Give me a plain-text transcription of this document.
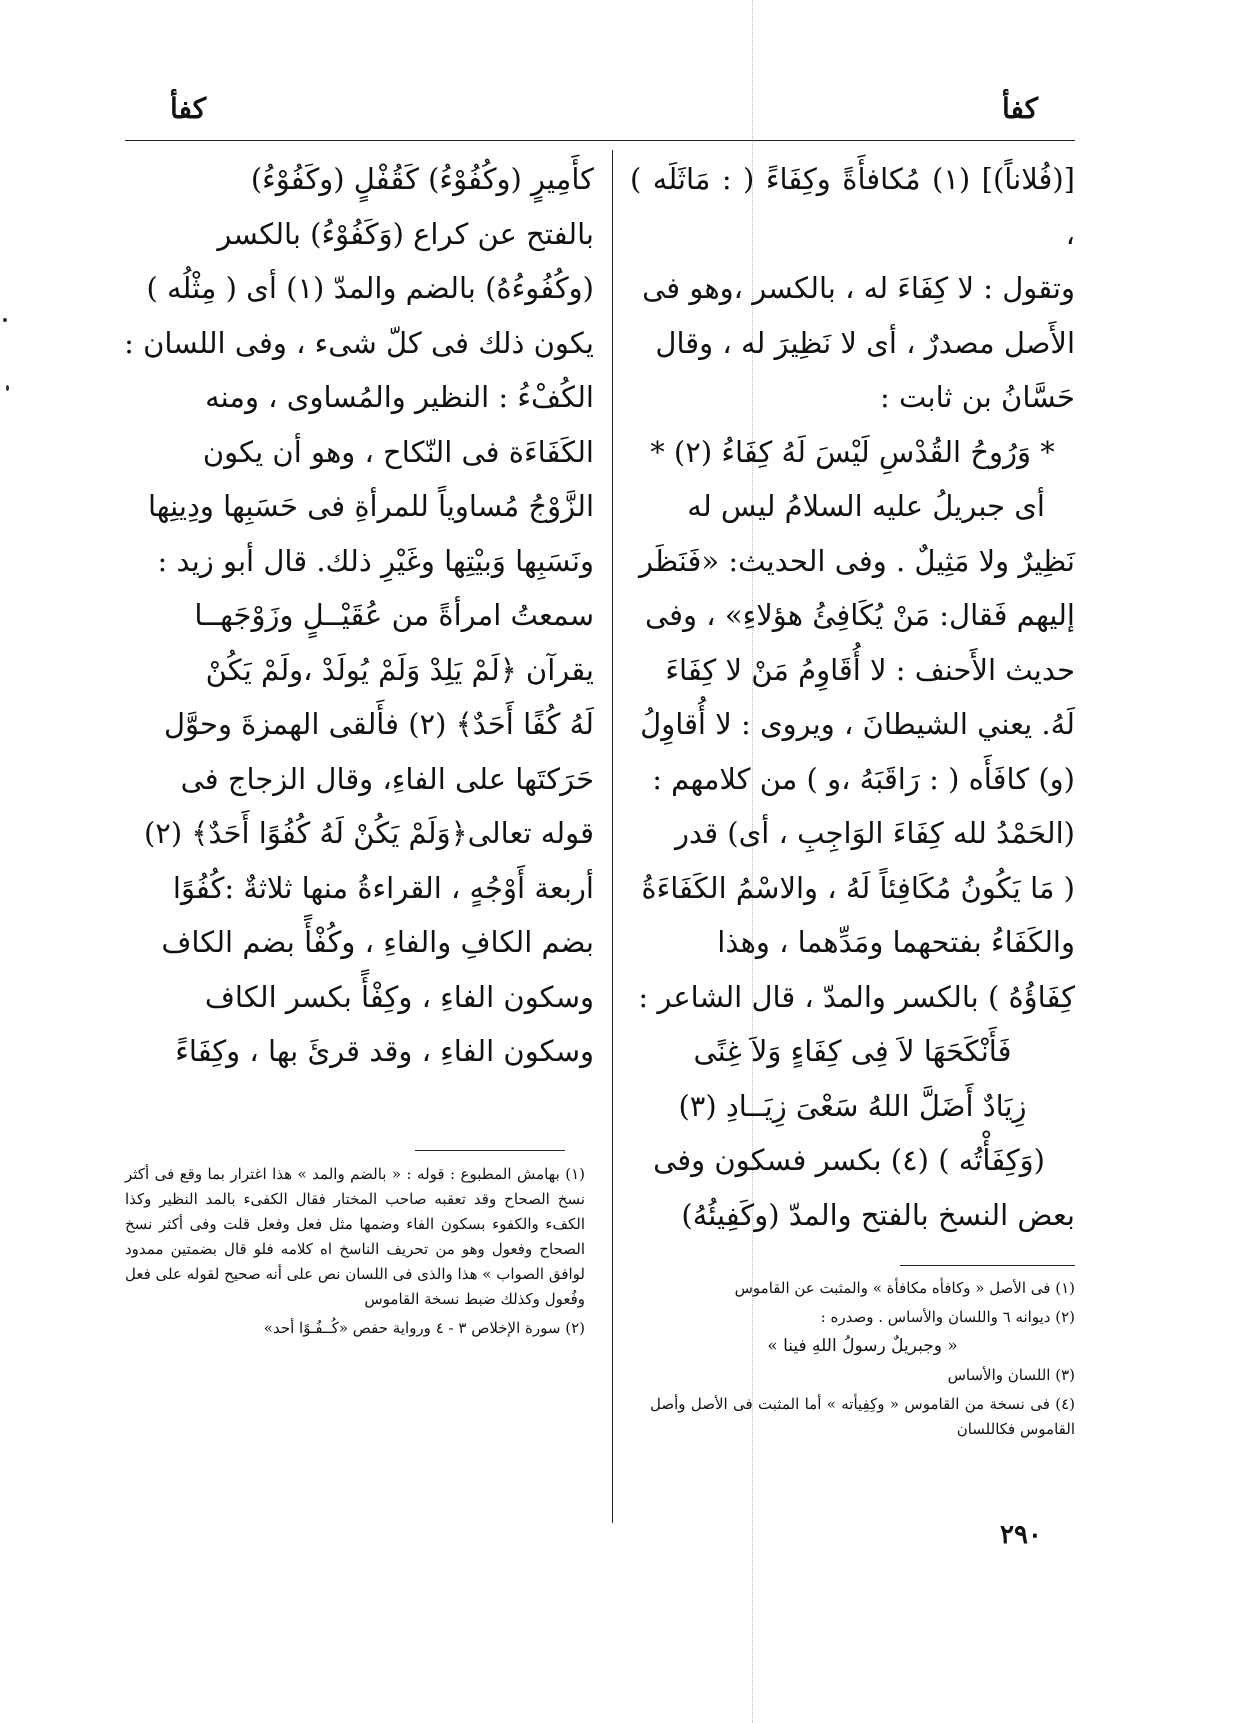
كفأ
كفأ

[(فُلاناً)] (١) مُكافأَةً وكِفَاءً ( : مَاثَلَه ) ،

وتقول : لا كِفَاءَ له ، بالكسر ،وهو فى

الأَصل مصدرٌ ، أى لا نَظِيرَ له ، وقال

حَسَّانُ بن ثابت :

* وَرُوحُ القُدْسِ لَيْسَ لَهُ كِفَاءُ (٢) *

أى جبريلُ عليه السلامُ ليس له

نَظِيرٌ ولا مَثِيلٌ . وفى الحديث: «فَنَظَر

إليهم فَقال: مَنْ يُكَافِئُ هؤلاءِ» ، وفى

حديث الأَحنف : لا أُقَاوِمُ مَنْ لا كِفَاءَ

لَهُ. يعني الشيطانَ ، ويروى : لا أُقاوِلُ

(و) كافَأَه ( : رَاقَبَهُ ،و ) من كلامهم :

(الحَمْدُ لله كِفَاءَ الوَاجِبِ ، أى) قدر

( مَا يَكُونُ مُكَافِئاً لَهُ ، والاسْمُ الكَفَاءَةُ

والكَفَاءُ بفتحهما ومَدِّهما ، وهذا

كِفَاؤُهُ ) بالكسر والمدّ ، قال الشاعر :

فَأَنْكَحَهَا لاَ فِى كِفَاءٍ وَلاَ غِنًى

زِيَادٌ أَضَلَّ اللهُ سَعْىَ زِيَــادِ (٣)

(وَكِفَأْتُه ) (٤) بكسر فسكون وفى

بعض النسخ بالفتح والمدّ (وكَفِيئُهُ)

كأَمِيرٍ (وكُفُوْءُ) كَقُفْلٍ (وكَفُوْءُ)

بالفتح عن كراع (وَكَفُوْءُ) بالكسر

(وكُفُوءُهُ) بالضم والمدّ (١) أى ( مِثْلُه )

يكون ذلك فى كلّ شىء ، وفى اللسان :

الكُفْءُ : النظير والمُساوى ، ومنه

الكَفَاءَة فى النّكاح ، وهو أن يكون

الزَّوْجُ مُساوياً للمرأةِ فى حَسَبِها ودِينِها

ونَسَبِها وَبيْتِها وغَيْرِ ذلك. قال أبو زيد :

سمعتُ امرأةً من عُقَيْــلٍ وزَوْجَهــا

يقرآن ﴿لَمْ يَلِدْ وَلَمْ يُولَدْ ،ولَمْ يَكُنْ

لَهُ كُفًا أَحَدٌ﴾ (٢) فأَلقى الهمزةَ وحوَّل

حَرَكتَها على الفاءِ، وقال الزجاج فى

قوله تعالى﴿وَلَمْ يَكُنْ لَهُ كُفُوًا أَحَدٌ﴾ (٢)

أربعة أَوْجُهٍ ، القراءةُ منها ثلاثةٌ :كُفُوًا

بضم الكافِ والفاءِ ، وكُفْأً بضم الكاف

وسكون الفاءِ ، وكِفْأً بكسر الكاف

وسكون الفاءِ ، وقد قرئَ بها ، وكِفَاءً

(١) بهامش المطبوع : قوله : « بالضم والمد » هذا اغترار بما وقع فى أكثر نسخ الصحاح وقد تعقبه صاحب المختار فقال الكفىء بالمد النظير وكذا الكفء والكفوء بسكون الفاء وضمها مثل فعل وفعل قلت وفى أكثر نسخ الصحاح وفعول وهو من تحريف الناسخ اه كلامه فلو قال بضمتين ممدود لوافق الصواب » هذا والذى فى اللسان نص على أنه صحيح لقوله على فعل وفُعول وكذلك ضبط نسخة القاموس

(٢) سورة الإخلاص ٣ - ٤ ورواية حفص «كُــفُـوًا أحد»

(١) فى الأصل « وكافأه مكافأة » والمثبت عن القاموس

(٢) ديوانه ٦ واللسان والأساس . وصدره :

« وجبريلٌ رسولُ اللهِ فينا »

(٣) اللسان والأساس

(٤) فى نسخة من القاموس « وكِفِيأته » أما المثبت فى الأصل وأصل القاموس فكاللسان

٢٩٠
